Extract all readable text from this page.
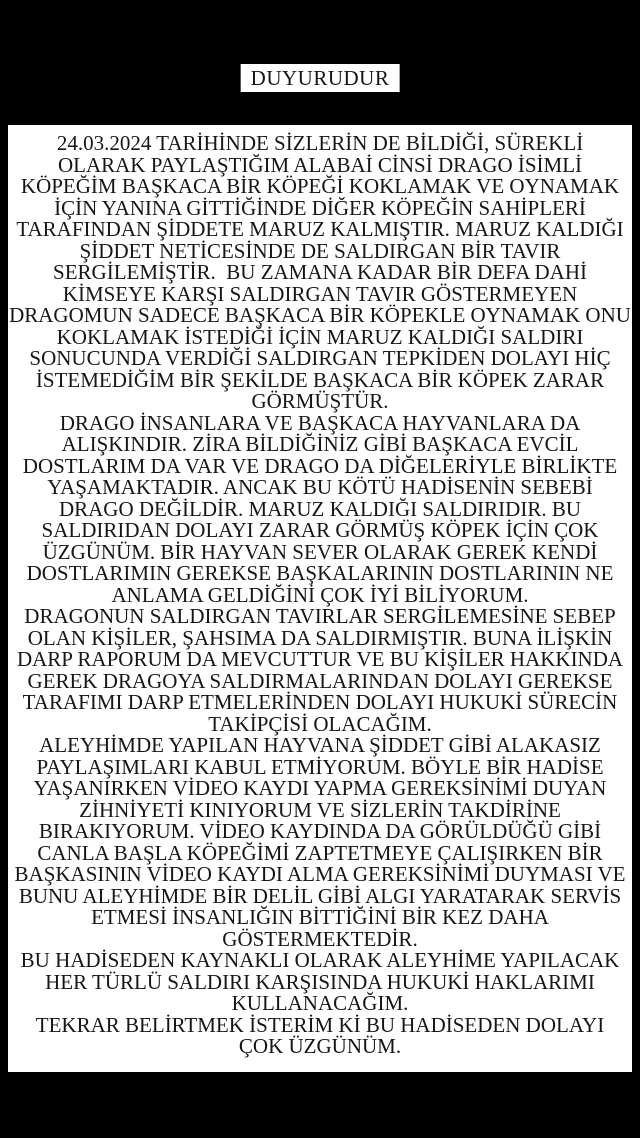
DUYURUDUR
24.03.2024 TARİHİNDE SİZLERİN DE BİLDİĞİ, SÜREKLİ
OLARAK PAYLAŞTIĞIM ALABAİ CİNSİ DRAGO İSİMLİ
KÖPEĞİM BAŞKACA BİR KÖPEĞİ KOKLAMAK VE OYNAMAK
İÇİN YANINA GİTTİĞİNDE DİĞER KÖPEĞİN SAHİPLERİ
TARAFINDAN ŞİDDETE MARUZ KALMIŞTIR. MARUZ KALDIĞI
ŞİDDET NETİCESİNDE DE SALDIRGAN BİR TAVIR
SERGİLEMİŞTİR.  BU ZAMANA KADAR BİR DEFA DAHİ
KİMSEYE KARŞI SALDIRGAN TAVIR GÖSTERMEYEN
DRAGOMUN SADECE BAŞKACA BİR KÖPEKLE OYNAMAK ONU
KOKLAMAK İSTEDİĞİ İÇİN MARUZ KALDIĞI SALDIRI
SONUCUNDA VERDİĞİ SALDIRGAN TEPKİDEN DOLAYI HİÇ
İSTEMEDİĞİM BİR ŞEKİLDE BAŞKACA BİR KÖPEK ZARAR
GÖRMÜŞTÜR.
DRAGO İNSANLARA VE BAŞKACA HAYVANLARA DA
ALIŞKINDIR. ZİRA BİLDİĞİNİZ GİBİ BAŞKACA EVCİL
DOSTLARIM DA VAR VE DRAGO DA DİĞELERİYLE BİRLİKTE
YAŞAMAKTADIR. ANCAK BU KÖTÜ HADİSENİN SEBEBİ
DRAGO DEĞİLDİR. MARUZ KALDIĞI SALDIRIDIR. BU
SALDIRIDAN DOLAYI ZARAR GÖRMÜŞ KÖPEK İÇİN ÇOK
ÜZGÜNÜM. BİR HAYVAN SEVER OLARAK GEREK KENDİ
DOSTLARIMIN GEREKSE BAŞKALARININ DOSTLARININ NE
ANLAMA GELDİĞİNİ ÇOK İYİ BİLİYORUM.
DRAGONUN SALDIRGAN TAVIRLAR SERGİLEMESİNE SEBEP
OLAN KİŞİLER, ŞAHSIMA DA SALDIRMIŞTIR. BUNA İLİŞKİN
DARP RAPORUM DA MEVCUTTUR VE BU KİŞİLER HAKKINDA
GEREK DRAGOYA SALDIRMALARINDAN DOLAYI GEREKSE
TARAFIMI DARP ETMELERİNDEN DOLAYI HUKUKİ SÜRECİN
TAKİPÇİSİ OLACAĞIM.
ALEYHİMDE YAPILAN HAYVANA ŞİDDET GİBİ ALAKASIZ
PAYLAŞIMLARI KABUL ETMİYORUM. BÖYLE BİR HADİSE
YAŞANIRKEN VİDEO KAYDI YAPMA GEREKSİNİMİ DUYAN
ZİHNİYETİ KINIYORUM VE SİZLERİN TAKDİRİNE
BIRAKIYORUM. VİDEO KAYDINDA DA GÖRÜLDÜĞÜ GİBİ
CANLA BAŞLA KÖPEĞİMİ ZAPTETMEYE ÇALIŞIRKEN BİR
BAŞKASININ VİDEO KAYDI ALMA GEREKSİNİMİ DUYMASI VE
BUNU ALEYHİMDE BİR DELİL GİBİ ALGI YARATARAK SERVİS
ETMESİ İNSANLIĞIN BİTTİĞİNİ BİR KEZ DAHA
GÖSTERMEKTEDİR.
BU HADİSEDEN KAYNAKLI OLARAK ALEYHİME YAPILACAK
HER TÜRLÜ SALDIRI KARŞISINDA HUKUKİ HAKLARIMI
KULLANACAĞIM.
TEKRAR BELİRTMEK İSTERİM Kİ BU HADİSEDEN DOLAYI
ÇOK ÜZGÜNÜM.
